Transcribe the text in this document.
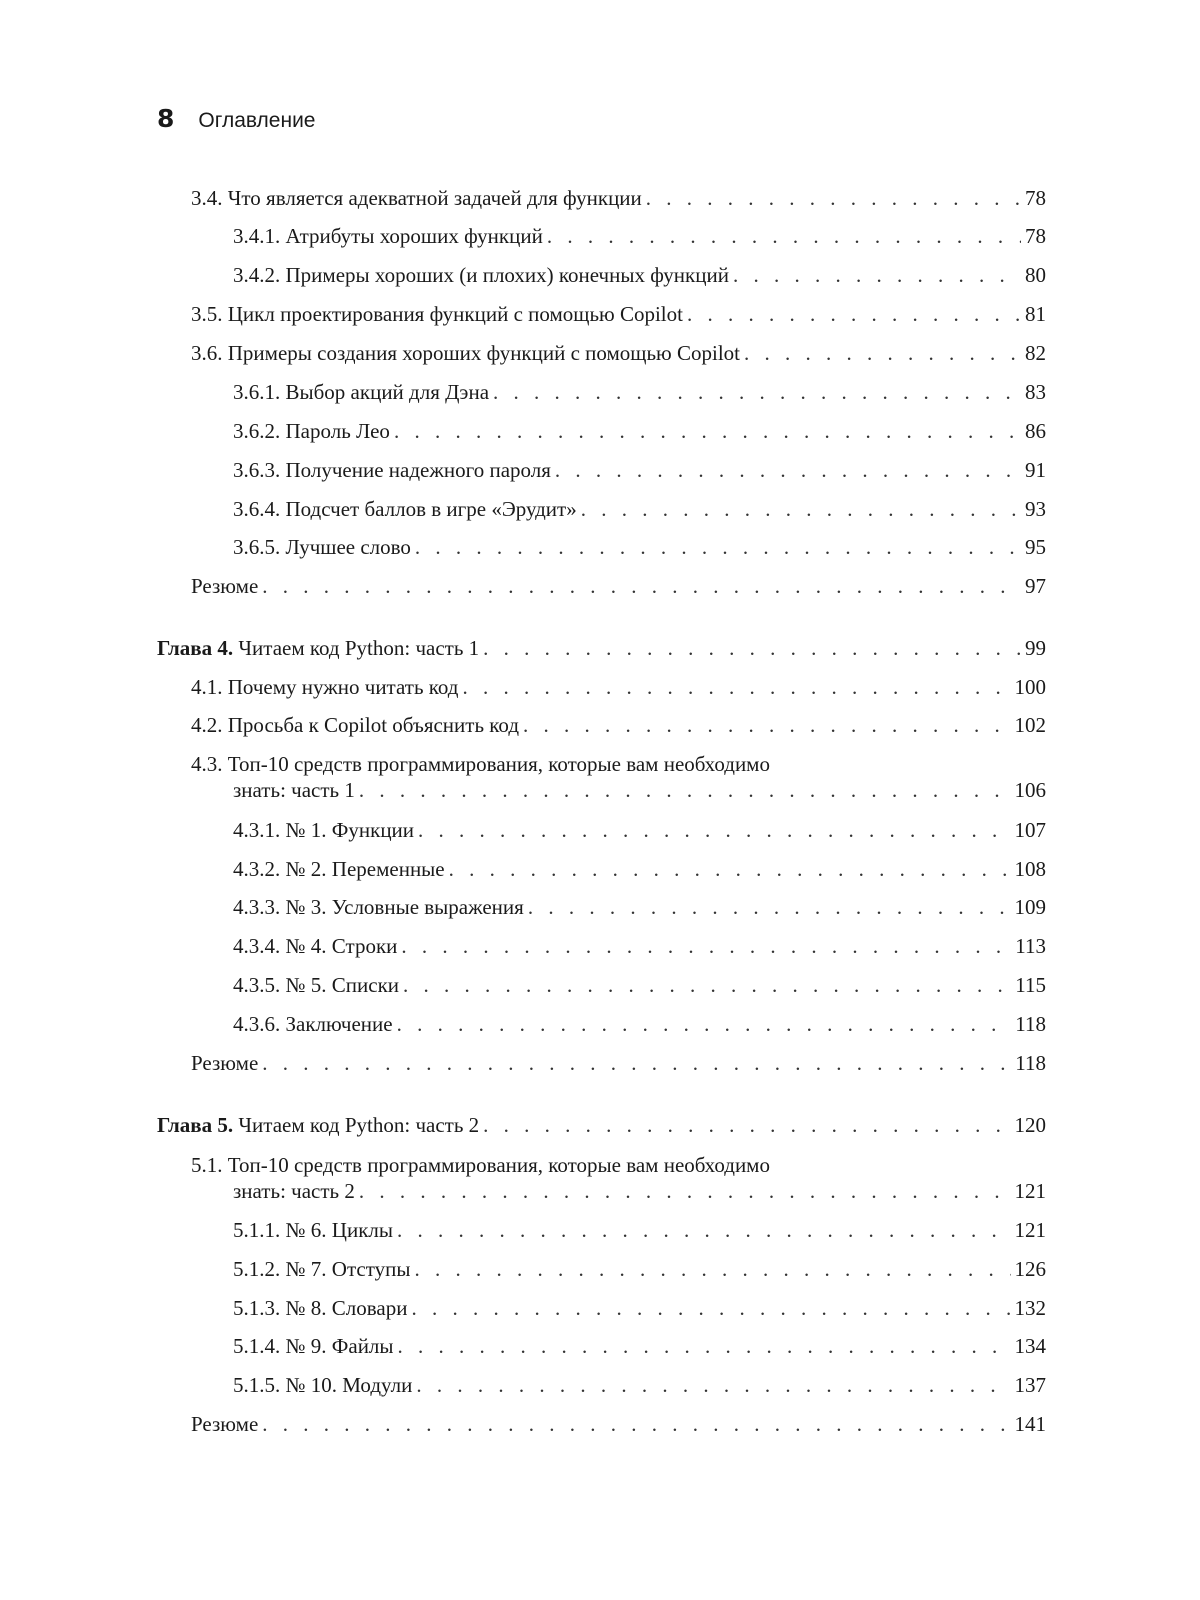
8 Оглавление
3.4. Что является адекватной задачей для функции . . .	78
3.4.1. Атрибуты хороших функций . . .	78
3.4.2. Примеры хороших (и плохих) конечных функций . . .	80
3.5. Цикл проектирования функций с помощью Copilot . . .	81
3.6. Примеры создания хороших функций с помощью Copilot . . .	82
3.6.1. Выбор акций для Дэна . . .	83
3.6.2. Пароль Лео . . .	86
3.6.3. Получение надежного пароля . . .	91
3.6.4. Подсчет баллов в игре «Эрудит» . . .	93
3.6.5. Лучшее слово . . .	95
Резюме . . .	97
Глава 4. Читаем код Python: часть 1 . . .	99
4.1. Почему нужно читать код . . .	100
4.2. Просьба к Copilot объяснить код . . .	102
4.3. Топ-10 средств программирования, которые вам необходимо
знать: часть 1 . . .	106
4.3.1. № 1. Функции . . .	107
4.3.2. № 2. Переменные . . .	108
4.3.3. № 3. Условные выражения . . .	109
4.3.4. № 4. Строки . . .	113
4.3.5. № 5. Списки . . .	115
4.3.6. Заключение . . .	118
Резюме . . .	118
Глава 5. Читаем код Python: часть 2 . . .	120
5.1. Топ-10 средств программирования, которые вам необходимо
знать: часть 2 . . .	121
5.1.1. № 6. Циклы . . .	121
5.1.2. № 7. Отступы . . .	126
5.1.3. № 8. Словари . . .	132
5.1.4. № 9. Файлы . . .	134
5.1.5. № 10. Модули . . .	137
Резюме . . .	141
